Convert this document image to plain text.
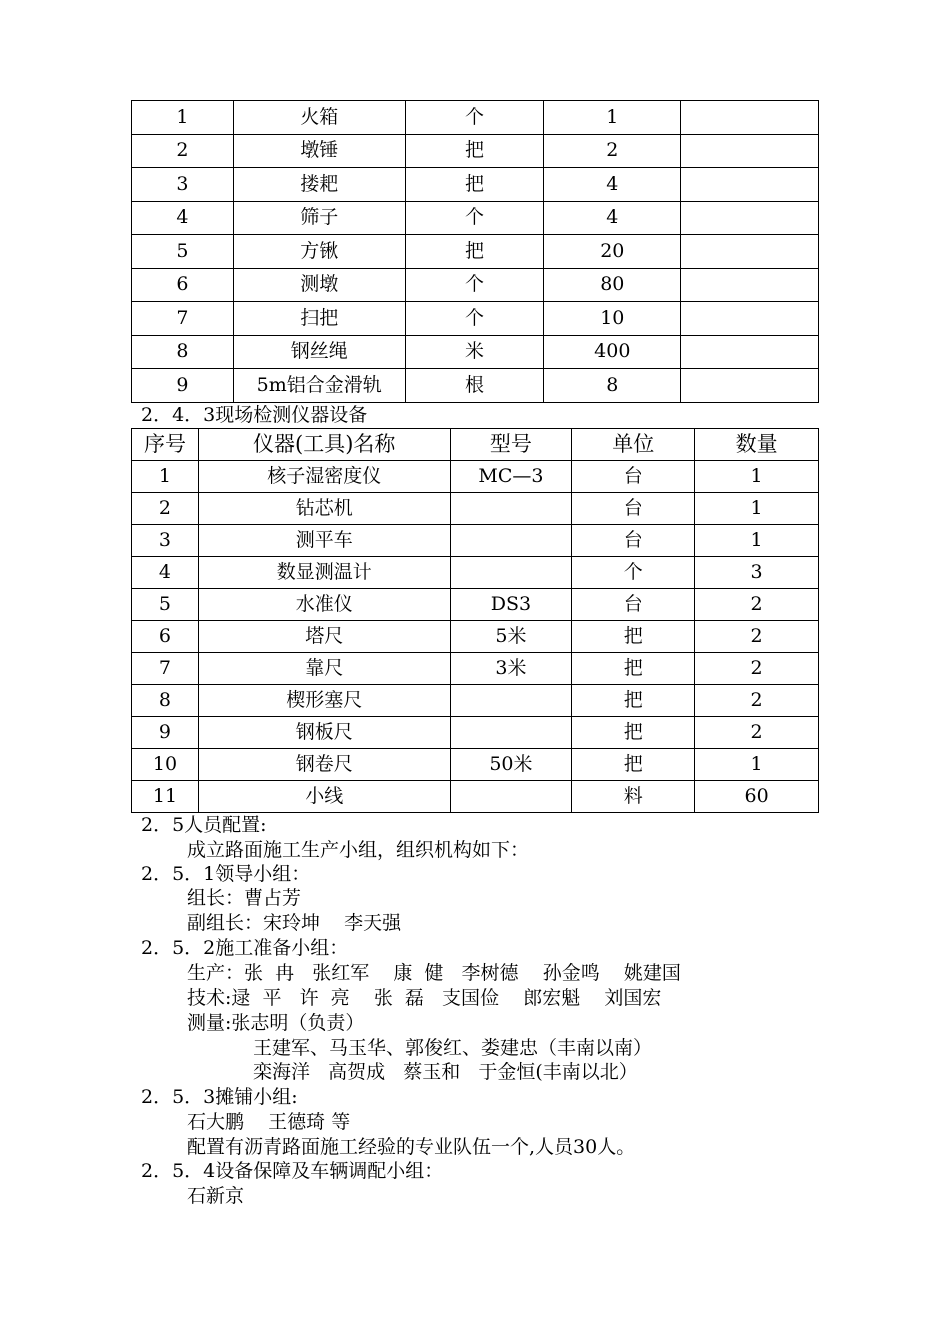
1	火箱	个	1	
2	墩锤	把	2	
3	搂耙	把	4	
4	筛子	个	4	
5	方锹	把	20	
6	测墩	个	80	
7	扫把	个	10	
8	钢丝绳	米	400	
9	5m铝合金滑轨	根	8	
2．4．3现场检测仪器设备
序号	仪器(工具)名称	型号	单位	数量
1	核子湿密度仪	MC—3	台	1
2	钻芯机		台	1
3	测平车		台	1
4	数显测温计		个	3
5	水准仪	DS3	台	2
6	塔尺	5米	把	2
7	靠尺	3米	把	2
8	楔形塞尺		把	2
9	钢板尺		把	2
10	钢卷尺	50米	把	1
11	小线		料	60
2．5人员配置:
成立路面施工生产小组，组织机构如下：
2．5．1领导小组：
组长：曹占芳
副组长：宋玲坤    李天强
2．5．2施工准备小组：
生产：张  冉   张红军    康  健   李树德    孙金鸣    姚建国
技术:逯  平   许  亮    张  磊   支国俭    郎宏魁    刘国宏
测量:张志明（负责）
王建军、马玉华、郭俊红、娄建忠（丰南以南）
栾海洋   高贺成   蔡玉和   于金恒(丰南以北）
2．5．3摊铺小组:
石大鹏    王德琦 等
配置有沥青路面施工经验的专业队伍一个,人员30人。
2．5．4设备保障及车辆调配小组：
石新京
